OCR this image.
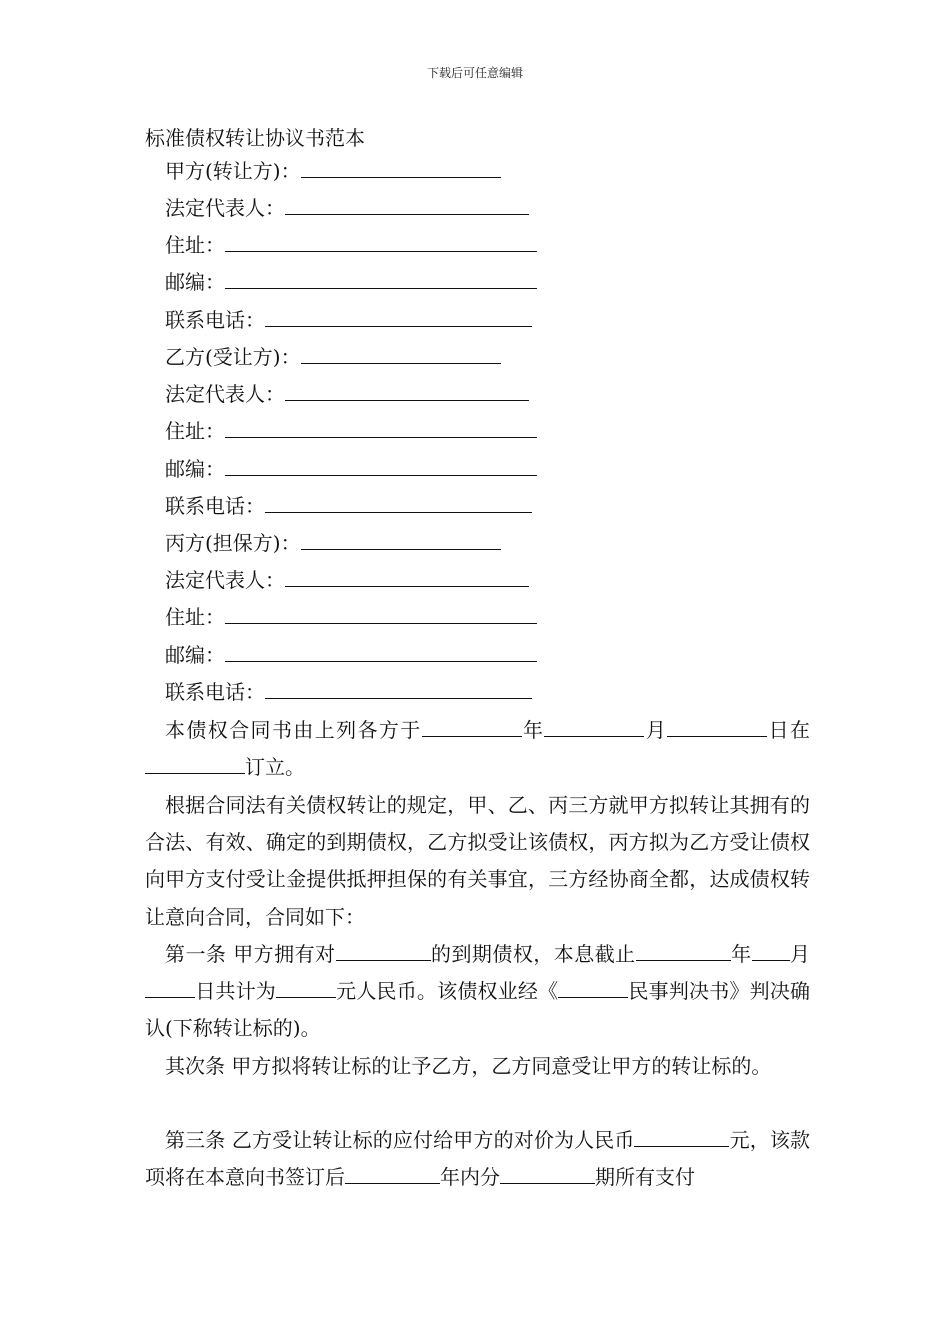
下载后可任意编辑
标准债权转让协议书范本
甲方(转让方)：
法定代表人：
住址：
邮编：
联系电话：
乙方(受让方)：
法定代表人：
住址：
邮编：
联系电话：
丙方(担保方)：
法定代表人：
住址：
邮编：
联系电话：
本债权合同书由上列各方于	年	月	日在订立。
根据合同法有关债权转让的规定，甲、乙、丙三方就甲方拟转让其拥有的合法、有效、确定的到期债权，乙方拟受让该债权，丙方拟为乙方受让债权向甲方支付受让金提供抵押担保的有关事宜，三方经协商全都，达成债权转让意向合同，合同如下：
第一条 甲方拥有对	的到期债权，本息截止	年 月日共计为	元人民币。该债权业经《	民事判决书》判决确认(下称转让标的)。
其次条 甲方拟将转让标的让予乙方，乙方同意受让甲方的转让标的。
第三条 乙方受让转让标的应付给甲方的对价为人民币	元，该款项将在本意向书签订后	年内分	期所有支付
